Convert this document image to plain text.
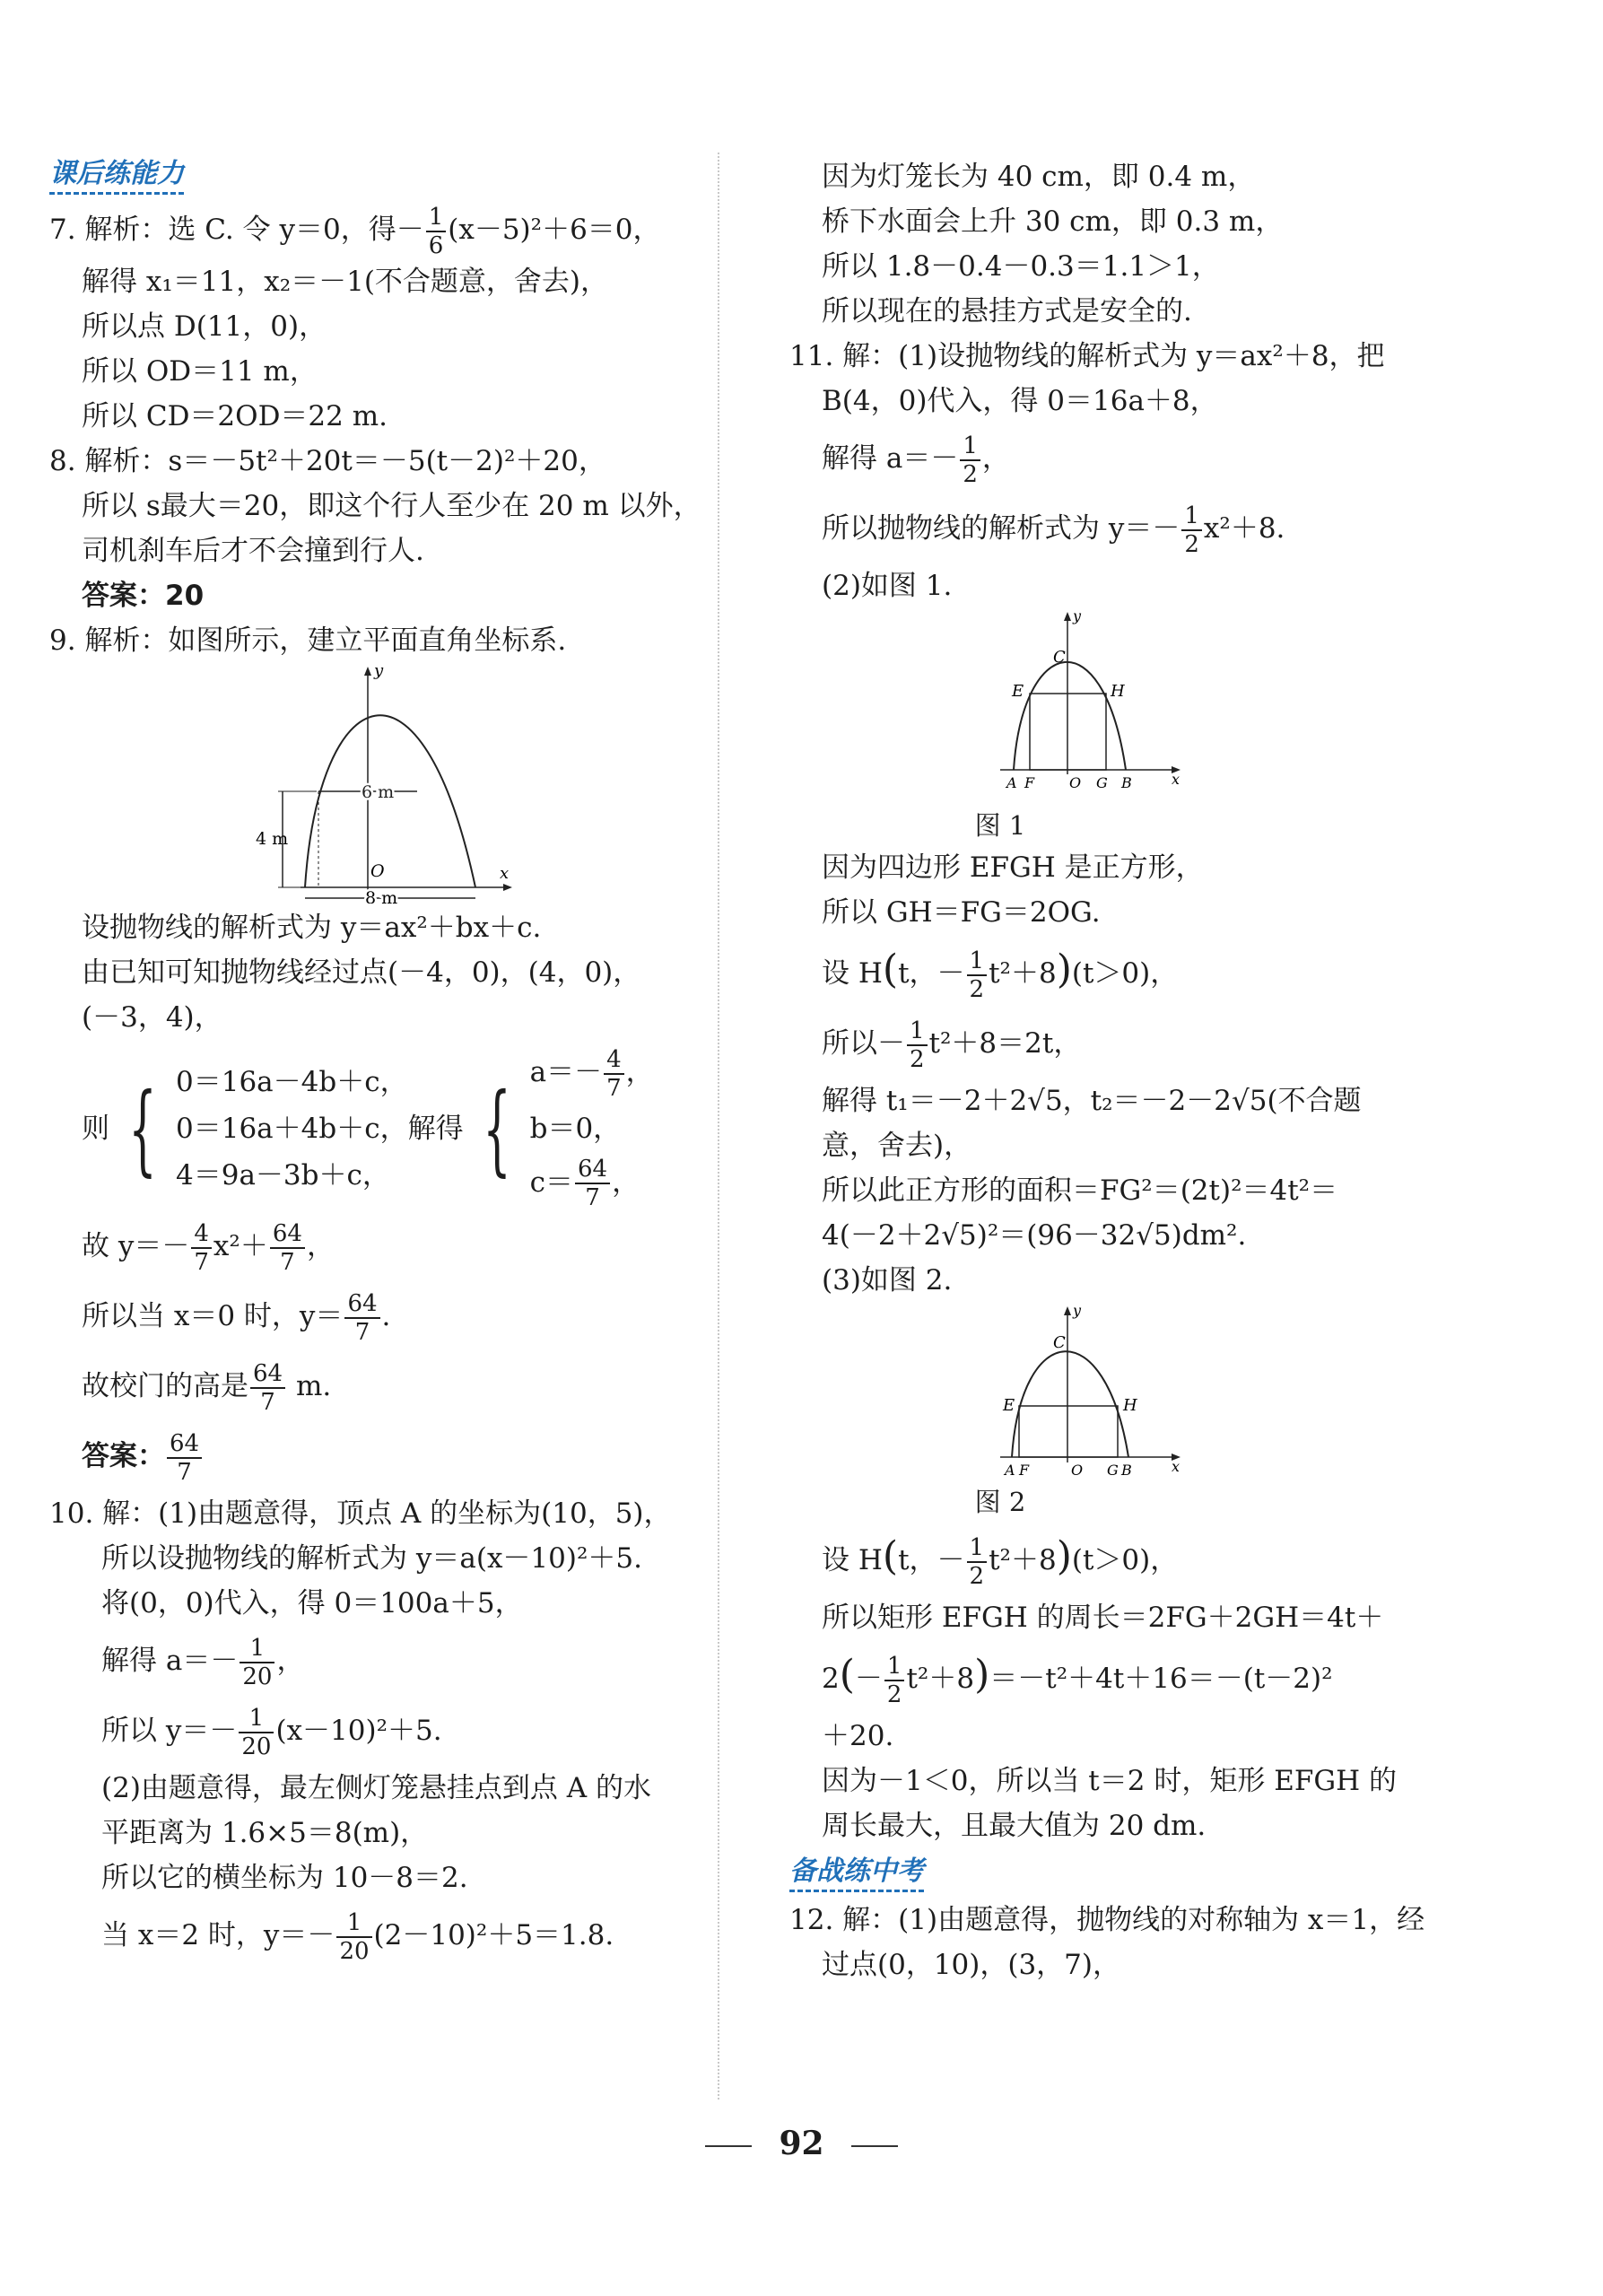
课后练能力
7. 解析：选 C. 令 y＝0，得－ $\frac{1}{6} (x-5)^2+6=0$，
解得 x₁＝11，x₂＝－1(不合题意，舍去)，
所以点 D(11，0)，
所以 OD＝11 m，
所以 CD＝2OD＝22 m.
8. 解析：s＝－5t²＋20t＝－5(t－2)²＋20，
所以 s最大＝20，即这个行人至少在 20 m 以外，
司机刹车后才不会撞到行人.
答案：20
9. 解析：如图所示，建立平面直角坐标系.
y
x
O
6 m
4 m
8 m
设抛物线的解析式为 y＝ax²＋bx＋c.
由已知可知抛物线经过点(－4，0)，(4，0)，
(－3，4)，
则 { 0＝16a－4b＋c，
0＝16a＋4b＋c，解得
4＝9a－3b＋c， { $a=- \frac{4}{7}$ ，
b＝0，
$c= \frac{64}{7}$ ，
故 $y=- \frac{4}{7} x^2+ \frac{64}{7}$ ，
所以当 x＝0 时，$y= \frac{64}{7}$ .
故校门的高是 $\frac{64}{7} m$.
答案： $\frac{64}{7}$
10. 解：(1)由题意得，顶点 A 的坐标为(10，5)，
所以设抛物线的解析式为 y＝a(x－10)²＋5.
将(0，0)代入，得 0＝100a＋5，
解得 $a=- \frac{1}{20}$ ，
所以 $y=- \frac{1}{20} (x-10)^2+5$.
(2)由题意得，最左侧灯笼悬挂点到点 A 的水
平距离为 1.6×5＝8(m)，
所以它的横坐标为 10－8＝2.
当 x＝2 时，$y=- \frac{1}{20} (2-10)^2+5=1.8$.
因为灯笼长为 40 cm，即 0.4 m，
桥下水面会上升 30 cm，即 0.3 m，
所以 1.8－0.4－0.3＝1.1＞1，
所以现在的悬挂方式是安全的.
11. 解：(1)设抛物线的解析式为 y＝ax²＋8，把
B(4，0)代入，得 0＝16a＋8，
解得 $a=- \frac{1}{2}$ ，
所以抛物线的解析式为 $y=- \frac{1}{2} x^2+8$.
(2)如图 1.
y
x
C
E	H
A F O G B
图 1
因为四边形 EFGH 是正方形，
所以 GH＝FG＝2OG.
设 H(t，－ $\frac{1}{2} t^2+8)(t>0)$，
所以－ $\frac{1}{2} t^2+8=2t$，
解得 t₁＝－2＋2√5，t₂＝－2－2√5(不合题
意，舍去)，
所以此正方形的面积＝FG²＝(2t)²＝4t²＝
4(－2＋2√5)²＝(96－32√5)dm².
(3)如图 2.
y
x
C
E	H
A F	O G B
图 2
设 H(t，－ $\frac{1}{2} t^2+8)(t>0)$，
所以矩形 EFGH 的周长＝2FG＋2GH＝4t＋
$2(- \frac{1}{2} t^2+8)=-t^2+4t+16=-(t-2)^2$
＋20.
因为－1＜0，所以当 t＝2 时，矩形 EFGH 的
周长最大，且最大值为 20 dm.
备战练中考
12. 解：(1)由题意得，抛物线的对称轴为 x＝1，经
过点(0，10)，(3，7)，
92
